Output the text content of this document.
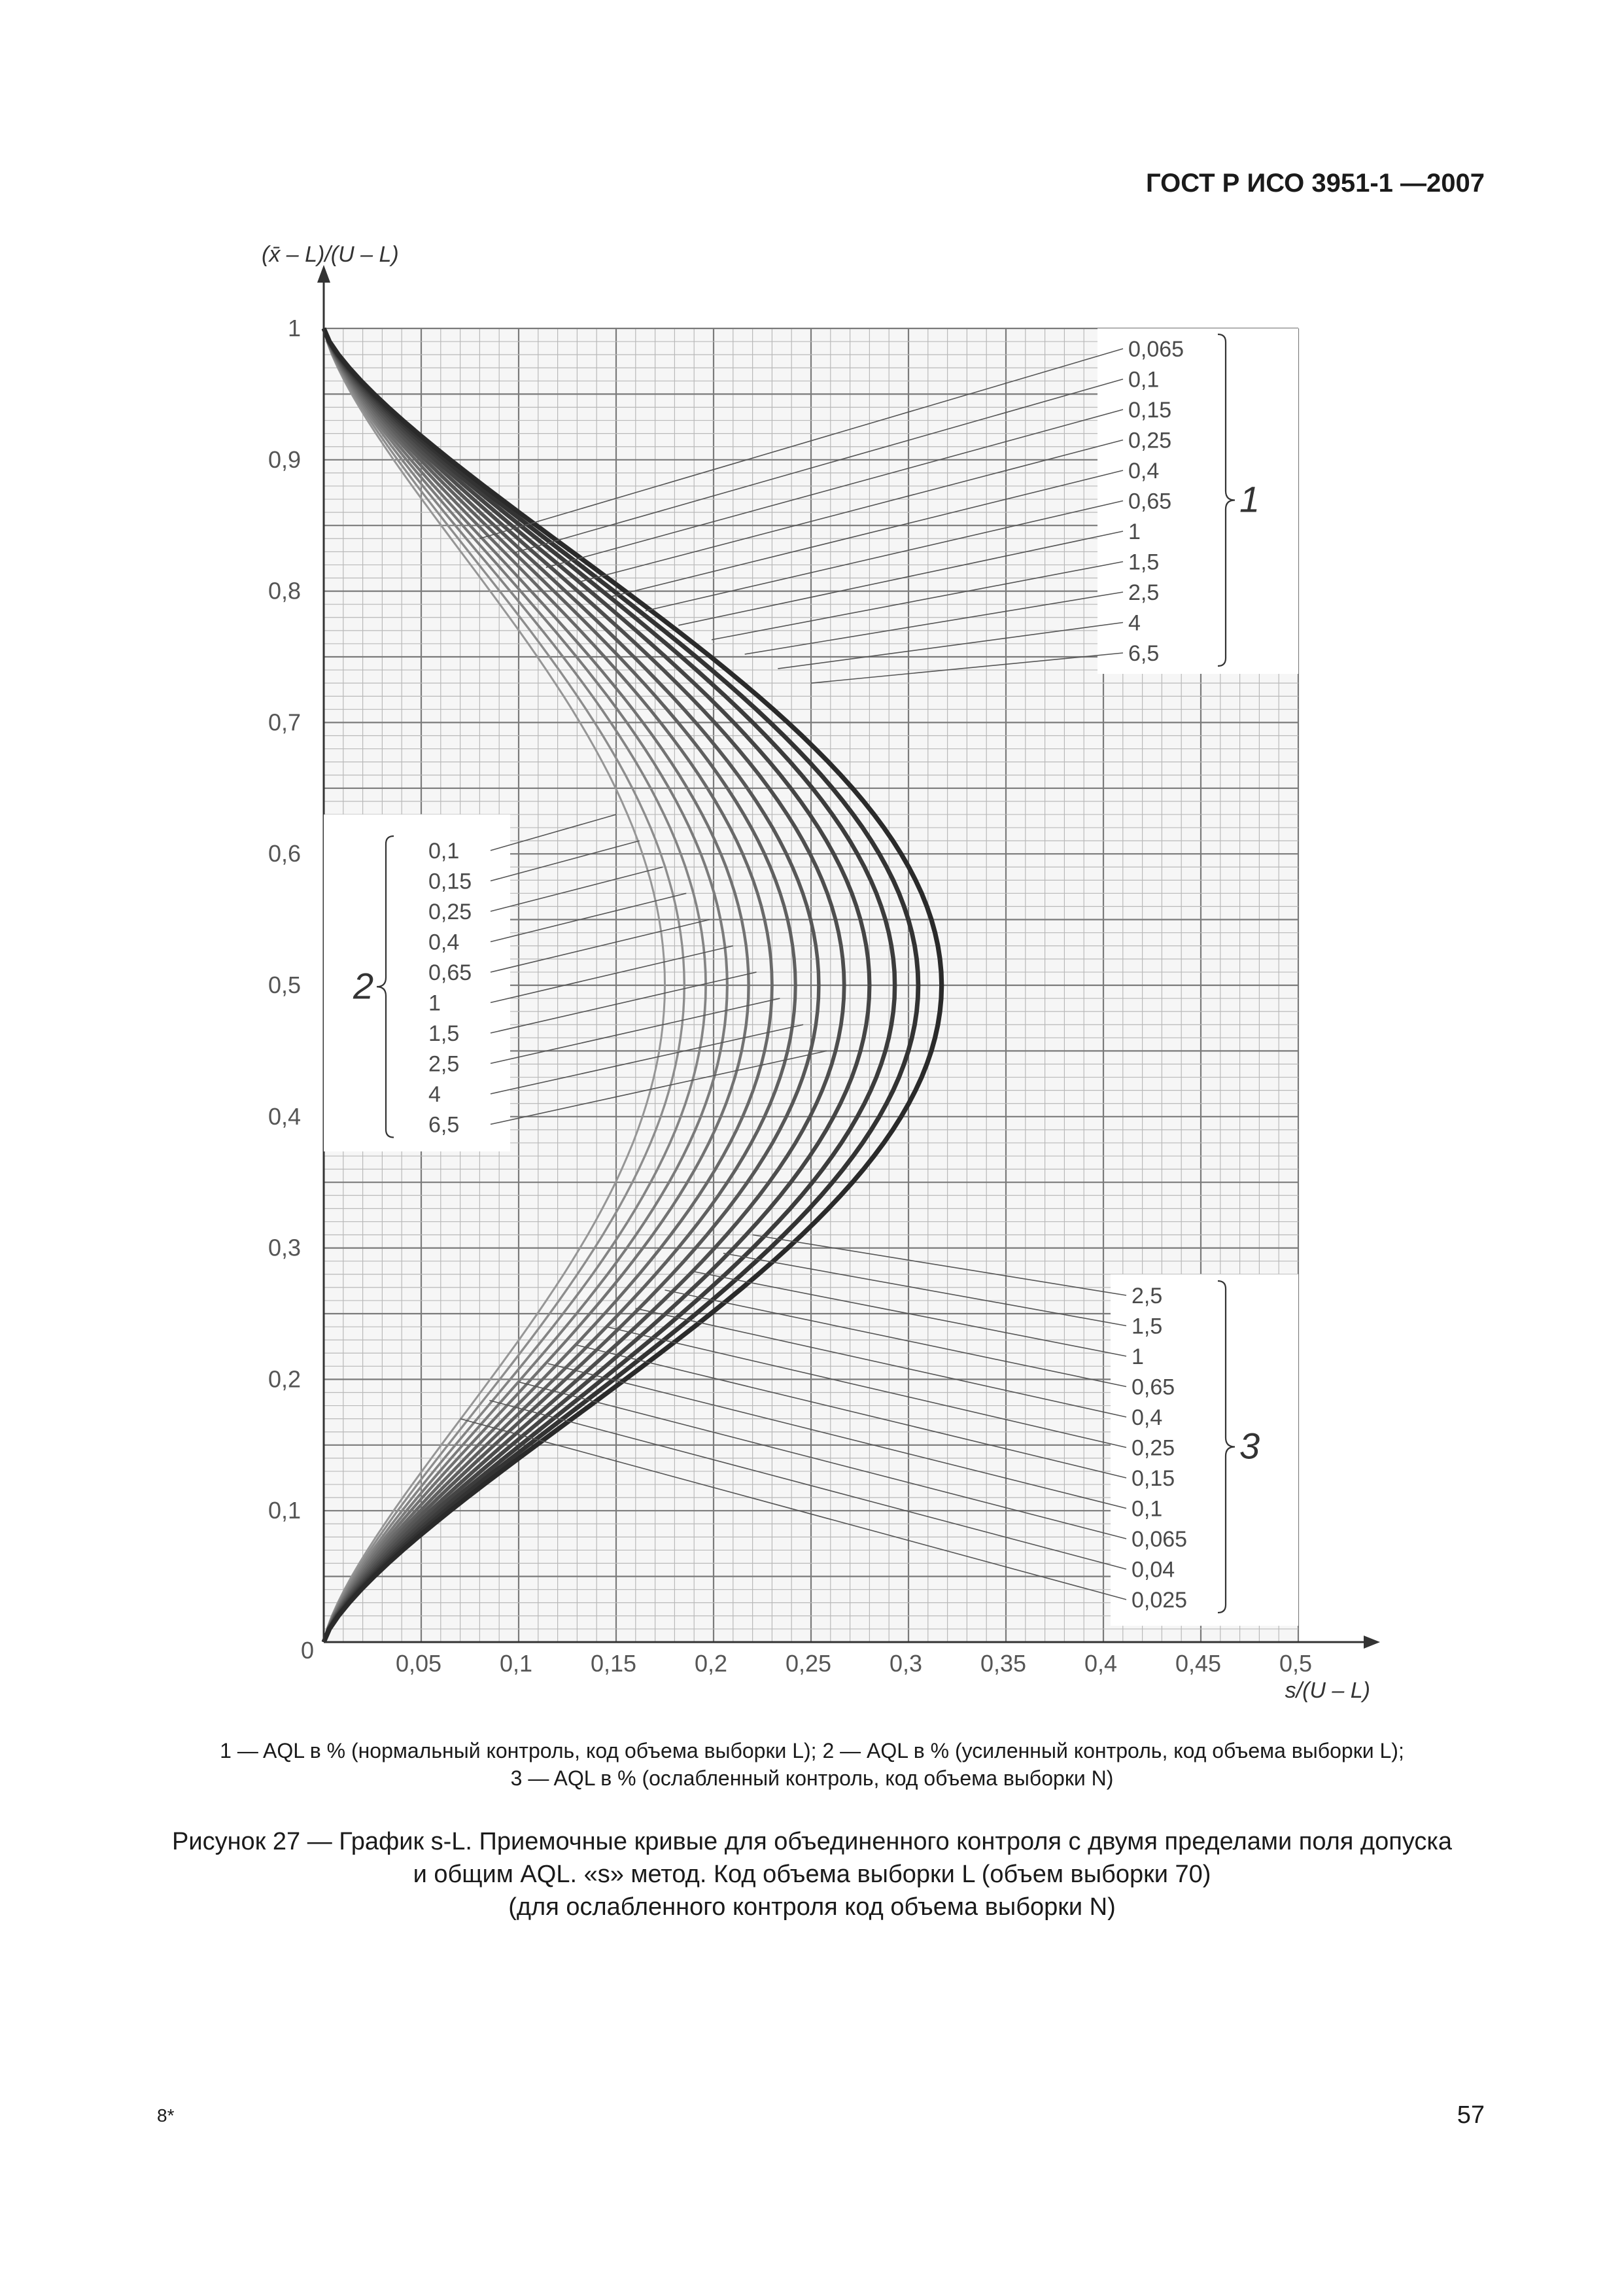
ГОСТ Р ИСО 3951-1 —2007
0,05 0,1 0,15 0,2 0,25 0,3 0,35 0,4 0,45 0,5
0,1
0,2
0,3
0,4
0,5
0,6
0,7
0,8
0,9
1
0
(x̄ – L)/(U – L)
s/(U – L)
0,065
0,1
0,15
0,25
0,4
0,65
1
1,5
2,5
4
6,5
1
0,1
0,15
0,25
0,4
0,65
1
1,5
2,5
4
6,5
2
2,5
1,5
1
0,65
0,4
0,25
0,15
0,1
0,065
0,04
0,025
3
1 — AQL в % (нормальный контроль, код объема выборки L); 2 — AQL в % (усиленный контроль, код объема выборки L);
3 — AQL в % (ослабленный контроль, код объема выборки N)
Рисунок 27 — График s-L. Приемочные кривые для объединенного контроля с двумя пределами поля допуска
и общим AQL. «s» метод. Код объема выборки L (объем выборки 70)
(для ослабленного контроля код объема выборки N)
8*	57
